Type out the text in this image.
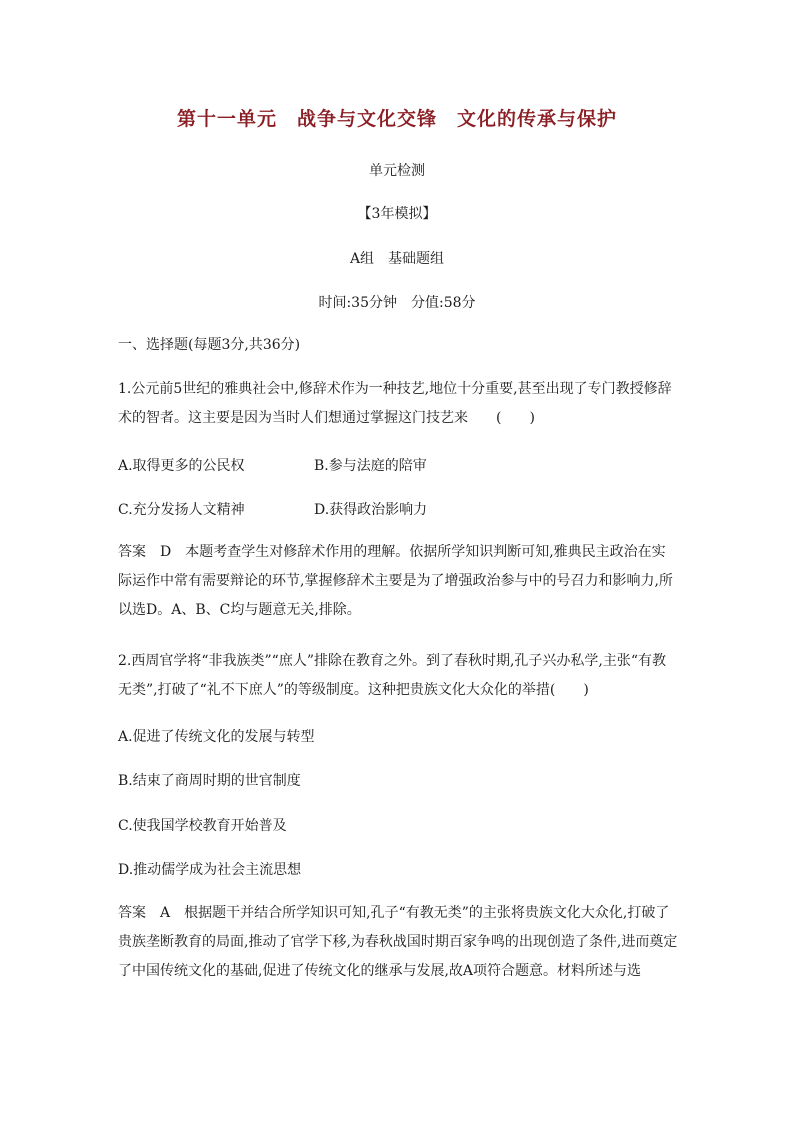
第十一单元　战争与文化交锋　文化的传承与保护
单元检测
【3年模拟】
A组　基础题组
时间:35分钟　分值:58分
一、选择题(每题3分,共36分)
1.公元前5世纪的雅典社会中,修辞术作为一种技艺,地位十分重要,甚至出现了专门教授修辞术的智者。这主要是因为当时人们想通过掌握这门技艺来　　(　　)
A.取得更多的公民权	B.参与法庭的陪审
C.充分发扬人文精神	D.获得政治影响力
答案　D 本题考查学生对修辞术作用的理解。依据所学知识判断可知,雅典民主政治在实际运作中常有需要辩论的环节,掌握修辞术主要是为了增强政治参与中的号召力和影响力,所以选D。A、B、C均与题意无关,排除。
2.西周官学将“非我族类”“庶人”排除在教育之外。到了春秋时期,孔子兴办私学,主张“有教无类”,打破了“礼不下庶人”的等级制度。这种把贵族文化大众化的举措(　　)
A.促进了传统文化的发展与转型
B.结束了商周时期的世官制度
C.使我国学校教育开始普及
D.推动儒学成为社会主流思想
答案　A 根据题干并结合所学知识可知,孔子“有教无类”的主张将贵族文化大众化,打破了贵族垄断教育的局面,推动了官学下移,为春秋战国时期百家争鸣的出现创造了条件,进而奠定了中国传统文化的基础,促进了传统文化的继承与发展,故A项符合题意。材料所述与选
